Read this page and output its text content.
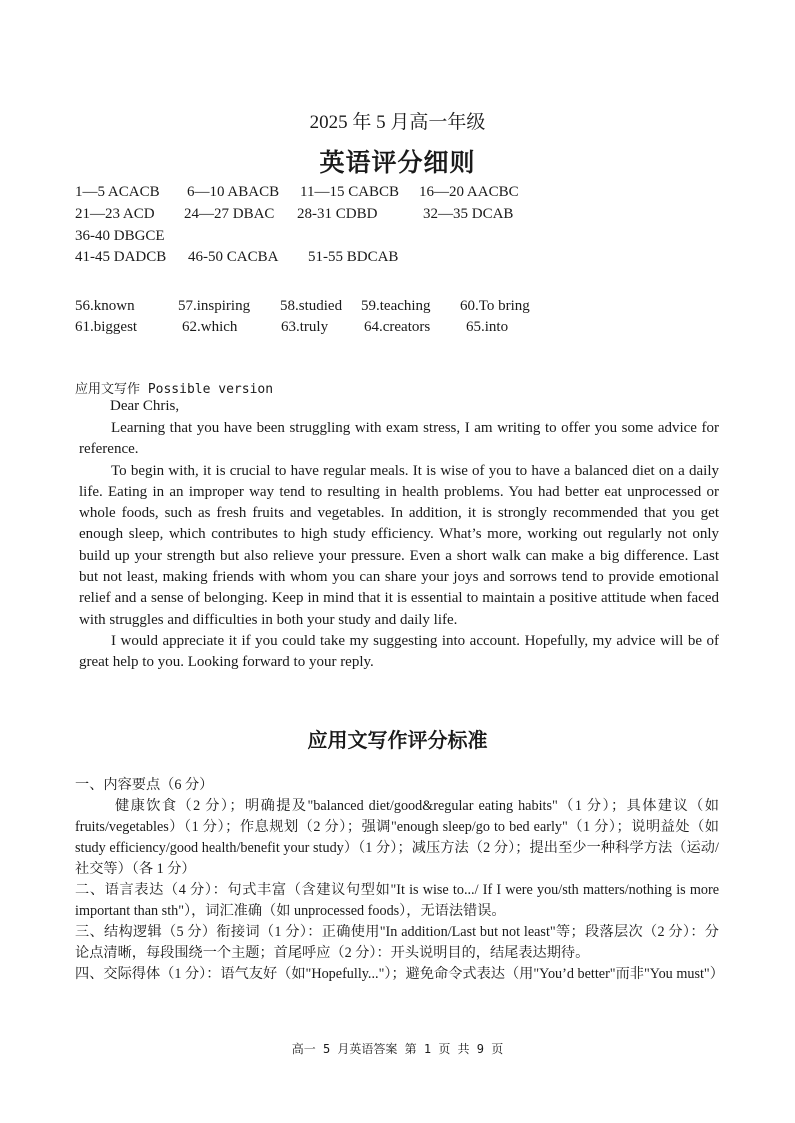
2025 年 5 月高一年级
英语评分细则
1—5 ACACB 6—10 ABACB 11—15 CABCB 16—20 AACBC
21—23 ACD 24—27 DBAC 28-31 CDBD	32—35 DCAB
36-40 DBGCE
41-45 DADCB 46-50 CACBA 51-55 BDCAB
56.known	57.inspiring 58.studied 59.teaching 60.To bring
61.biggest	62.which	63.truly 64.creators 65.into
应用文写作 Possible version
Dear Chris,

Learning that you have been struggling with exam stress, I am writing to offer you some advice for reference.

To begin with, it is crucial to have regular meals. It is wise of you to have a balanced diet on a daily life. Eating in an improper way tend to resulting in health problems. You had better eat unprocessed or whole foods, such as fresh fruits and vegetables. In addition, it is strongly recommended that you get enough sleep, which contributes to high study efficiency. What’s more, working out regularly not only build up your strength but also relieve your pressure. Even a short walk can make a big difference. Last but not least, making friends with whom you can share your joys and sorrows tend to provide emotional relief and a sense of belonging. Keep in mind that it is essential to maintain a positive attitude when faced with struggles and difficulties in both your study and daily life.

I would appreciate it if you could take my suggesting into account. Hopefully, my advice will be of great help to you. Looking forward to your reply.

应用文写作评分标准

一、内容要点（6 分）

健康饮食（2 分）；明确提及"balanced diet/good&regular eating habits"（1 分）；具体建议（如 fruits/vegetables）（1 分）；作息规划（2 分）；强调"enough sleep/go to bed early"（1 分）；说明益处（如 study efficiency/good health/benefit your study）（1 分）；减压方法（2 分）；提出至少一种科学方法（运动/社交等）（各 1 分）

二、语言表达（4 分）：句式丰富（含建议句型如"It is wise to.../ If I were you/sth matters/nothing is more important than sth"），词汇准确（如 unprocessed foods），无语法错误。

三、结构逻辑（5 分）衔接词（1 分）：正确使用"In addition/Last but not least"等；段落层次（2 分）：分论点清晰，每段围绕一个主题；首尾呼应（2 分）：开头说明目的，结尾表达期待。

四、交际得体（1 分）：语气友好（如"Hopefully..."）；避免命令式表达（用"You’d better"而非"You must"）

高一 5 月英语答案 第 1 页 共 9 页
